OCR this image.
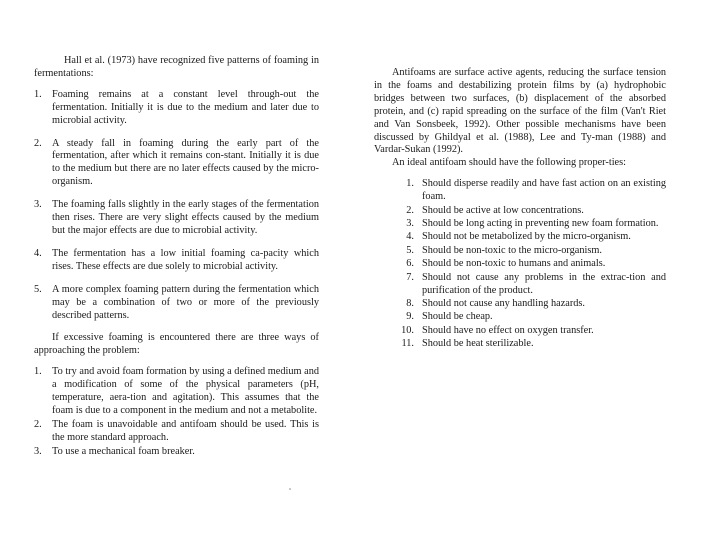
Hall et al. (1973) have recognized five patterns of foaming in fermentations:

1. Foaming remains at a constant level through-out the fermentation. Initially it is due to the medium and later due to microbial activity.
2. A steady fall in foaming during the early part of the fermentation, after which it remains con-stant. Initially it is due to the medium but there are no later effects caused by the micro-organism.
3. The foaming falls slightly in the early stages of the fermentation then rises. There are very slight effects caused by the medium but the major effects are due to microbial activity.
4. The fermentation has a low initial foaming ca-pacity which rises. These effects are due solely to microbial activity.
5. A more complex foaming pattern during the fermentation which may be a combination of two or more of the previously described patterns.

If excessive foaming is encountered there are three ways of approaching the problem:

1. To try and avoid foam formation by using a defined medium and a modification of some of the physical parameters (pH, temperature, aera-tion and agitation). This assumes that the foam is due to a component in the medium and not a metabolite.
2. The foam is unavoidable and antifoam should be used. This is the more standard approach.
3. To use a mechanical foam breaker.

Antifoams are surface active agents, reducing the surface tension in the foams and destabilizing protein films by (a) hydrophobic bridges between two surfaces, (b) displacement of the absorbed protein, and (c) rapid spreading on the surface of the film (Van't Riet and Van Sonsbeek, 1992). Other possible mechanisms have been discussed by Ghildyal et al. (1988), Lee and Ty-man (1988) and Vardar-Sukan (1992).

An ideal antifoam should have the following proper-ties:

1. Should disperse readily and have fast action on an existing foam.
2. Should be active at low concentrations.
3. Should be long acting in preventing new foam formation.
4. Should not be metabolized by the micro-organism.
5. Should be non-toxic to the micro-organism.
6. Should be non-toxic to humans and animals.
7. Should not cause any problems in the extrac-tion and purification of the product.
8. Should not cause any handling hazards.
9. Should be cheap.
10. Should have no effect on oxygen transfer.
11. Should be heat sterilizable.
